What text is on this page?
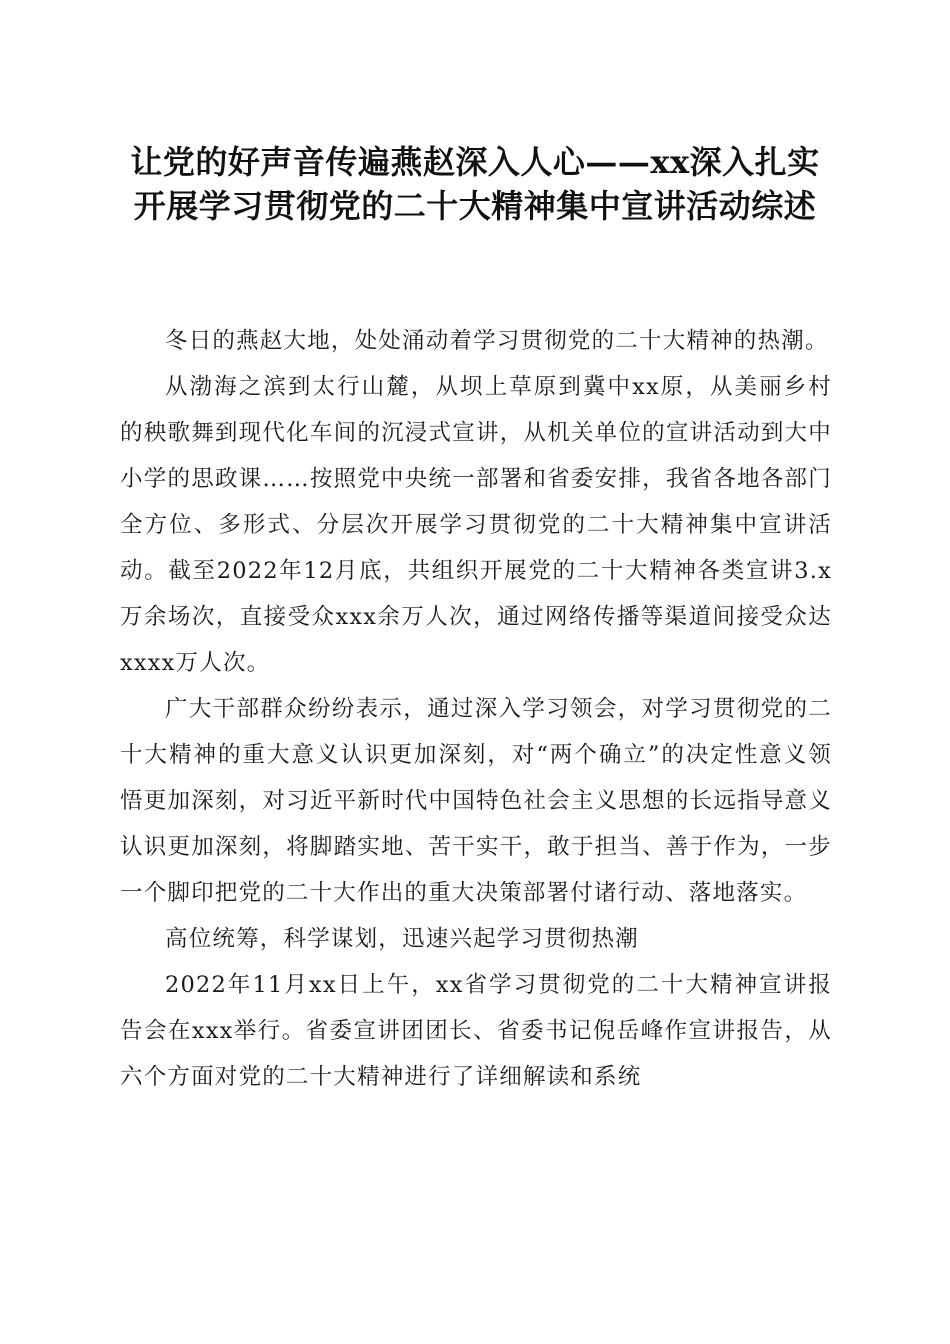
让党的好声音传遍燕赵深入人心——xx深入扎实开展学习贯彻党的二十大精神集中宣讲活动综述

冬日的燕赵大地，处处涌动着学习贯彻党的二十大精神的热潮。

从渤海之滨到太行山麓，从坝上草原到冀中xx原，从美丽乡村的秧歌舞到现代化车间的沉浸式宣讲，从机关单位的宣讲活动到大中小学的思政课……按照党中央统一部署和省委安排，我省各地各部门全方位、多形式、分层次开展学习贯彻党的二十大精神集中宣讲活动。截至2022年12月底，共组织开展党的二十大精神各类宣讲3.x万余场次，直接受众xxx余万人次，通过网络传播等渠道间接受众达xxxx万人次。

广大干部群众纷纷表示，通过深入学习领会，对学习贯彻党的二十大精神的重大意义认识更加深刻，对“两个确立”的决定性意义领悟更加深刻，对习近平新时代中国特色社会主义思想的长远指导意义认识更加深刻，将脚踏实地、苦干实干，敢于担当、善于作为，一步一个脚印把党的二十大作出的重大决策部署付诸行动、落地落实。

高位统筹，科学谋划，迅速兴起学习贯彻热潮

2022年11月xx日上午，xx省学习贯彻党的二十大精神宣讲报告会在xxx举行。省委宣讲团团长、省委书记倪岳峰作宣讲报告，从六个方面对党的二十大精神进行了详细解读和系统
